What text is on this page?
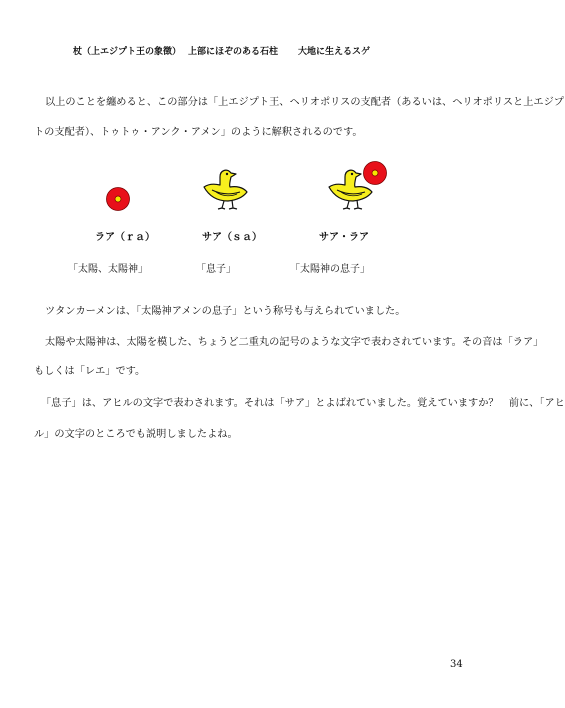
杖（上エジプト王の象徴） 上部にほぞのある石柱 大地に生えるスゲ
以上のことを纏めると、この部分は「上エジプト王、ヘリオポリスの支配者（あるいは、ヘリオポリスと上エジプ
トの支配者）、トゥトゥ・アンク・アメン」のように解釈されるのです。
ラア（ｒａ）	サア（ｓａ）	サア・ラア
「太陽、太陽神」	「息子」	「太陽神の息子」
ツタンカーメンは、「太陽神アメンの息子」という称号も与えられていました。
太陽や太陽神は、太陽を模した、ちょうど二重丸の記号のような文字で表わされています。その音は「ラア」
もしくは「レエ」です。
「息子」は、アヒルの文字で表わされます。それは「サア」とよばれていました。覚えていますか？　前に、「アヒ
ル」の文字のところでも説明しましたよね。
34
